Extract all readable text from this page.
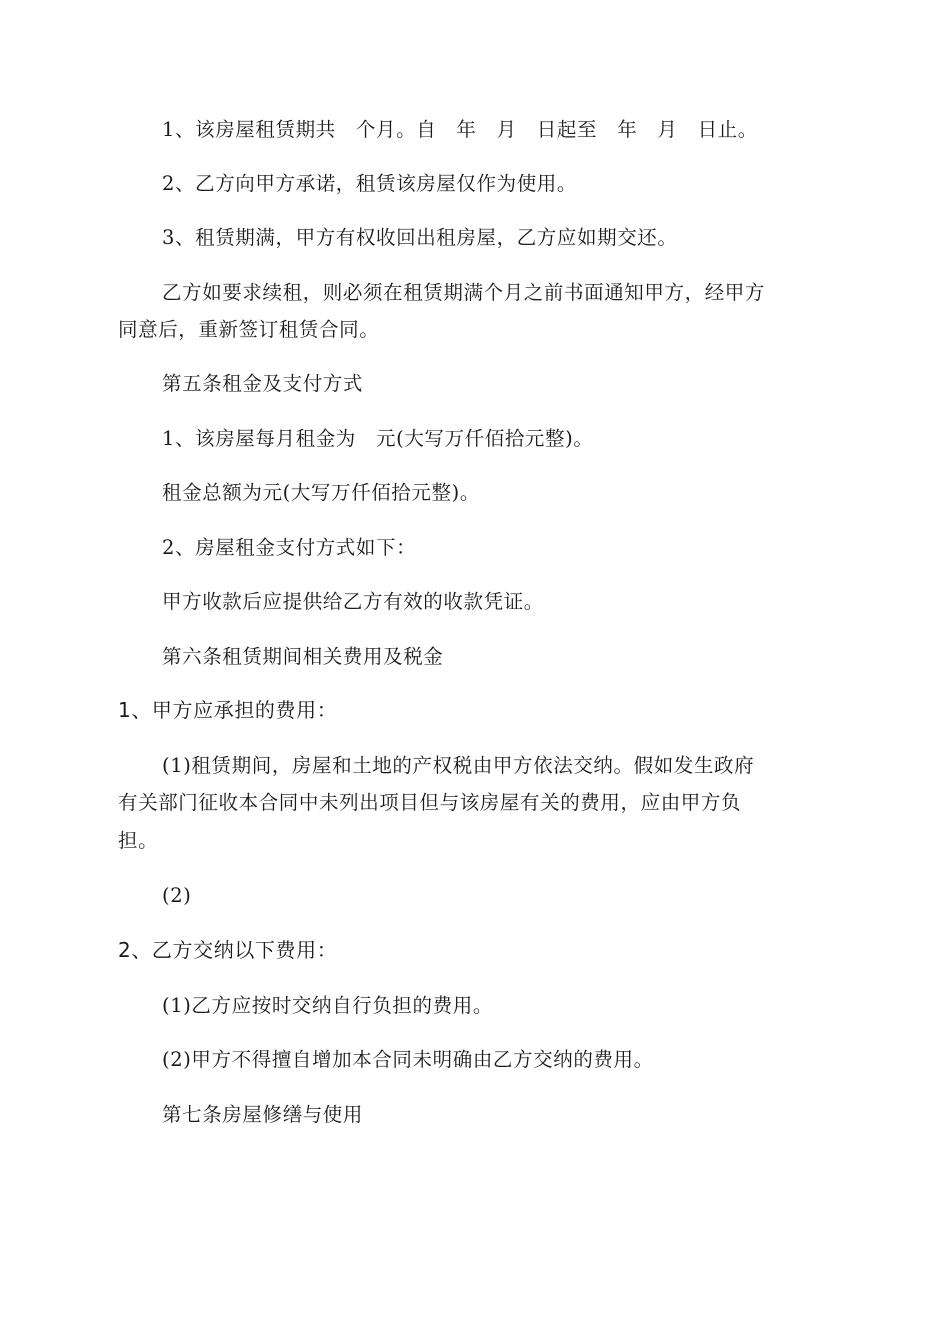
1、该房屋租赁期共　个月。自　年　月　日起至　年　月　日止。

2、乙方向甲方承诺，租赁该房屋仅作为使用。

3、租赁期满，甲方有权收回出租房屋，乙方应如期交还。

乙方如要求续租，则必须在租赁期满个月之前书面通知甲方，经甲方

同意后，重新签订租赁合同。

第五条租金及支付方式

1、该房屋每月租金为　元(大写万仟佰拾元整)。

租金总额为元(大写万仟佰拾元整)。

2、房屋租金支付方式如下：

甲方收款后应提供给乙方有效的收款凭证。

第六条租赁期间相关费用及税金

1、甲方应承担的费用：

(1)租赁期间，房屋和土地的产权税由甲方依法交纳。假如发生政府

有关部门征收本合同中未列出项目但与该房屋有关的费用，应由甲方负

担。

(2)

2、乙方交纳以下费用：

(1)乙方应按时交纳自行负担的费用。

(2)甲方不得擅自增加本合同未明确由乙方交纳的费用。

第七条房屋修缮与使用
